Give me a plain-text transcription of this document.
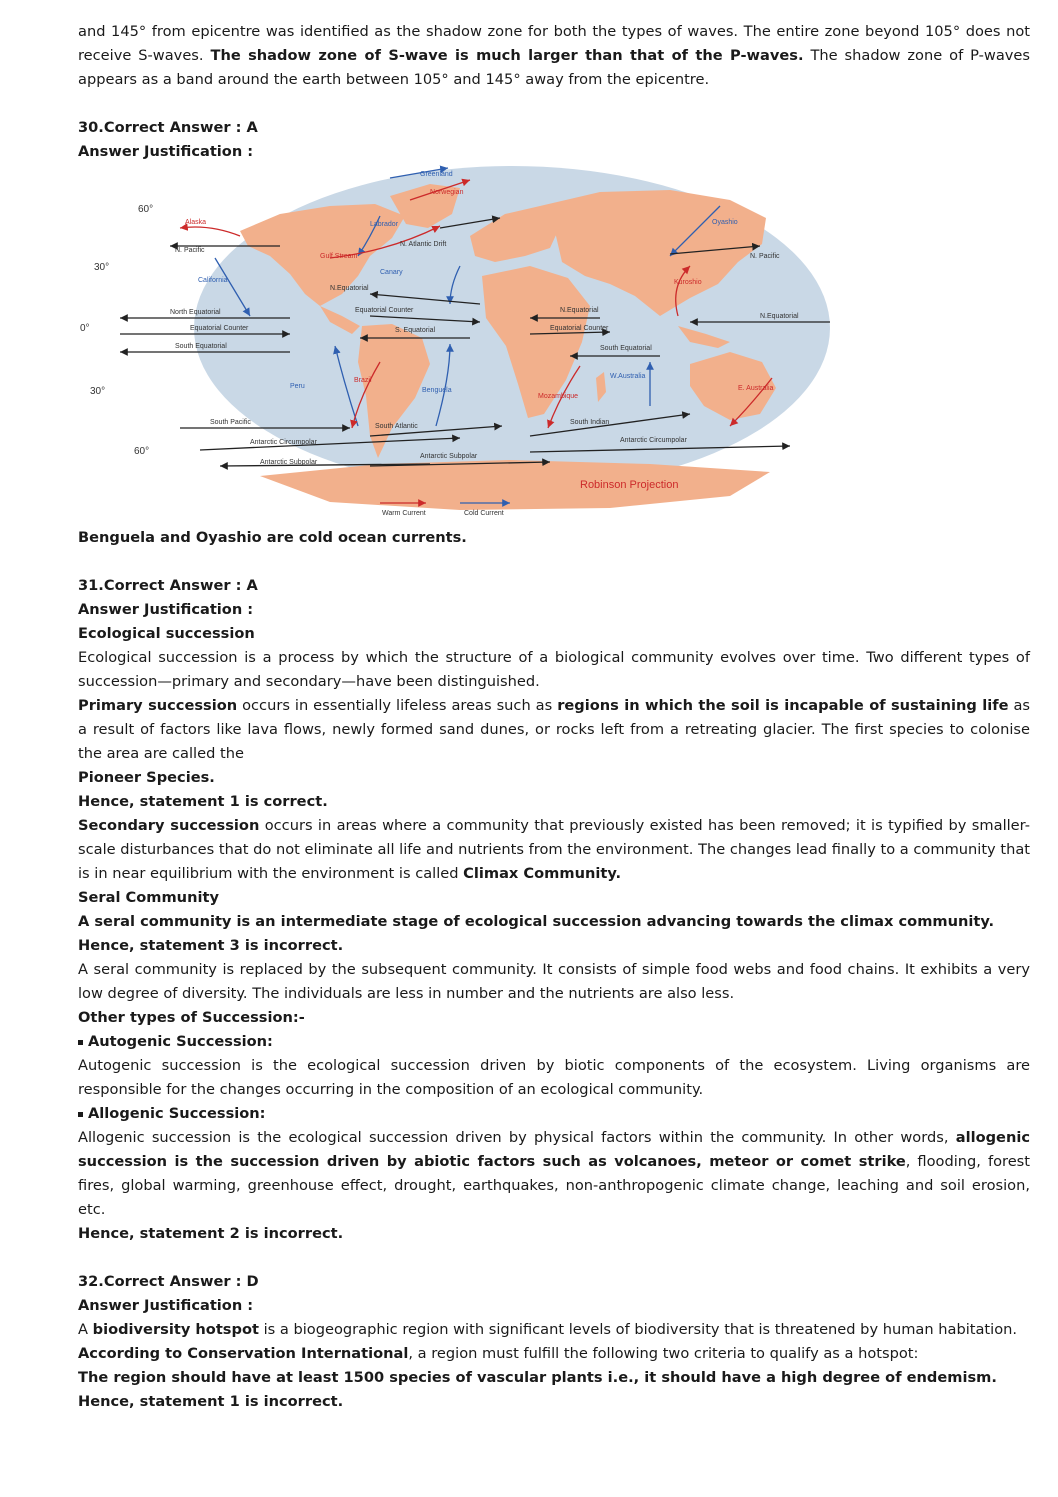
and 145° from epicentre was identified as the shadow zone for both the types of waves. The entire zone beyond 105° does not receive S-waves. The shadow zone of S-wave is much larger than that of the P-waves. The shadow zone of P-waves appears as a band around the earth between 105° and 145° away from the epicentre.

30.Correct Answer : A

Answer Justification :

60°
30°
0°
30°
60°
Alaska
N. Pacific
California
North Equatorial
Equatorial Counter
South Equatorial
Peru
South Pacific
Antarctic Circumpolar
Antarctic Subpolar
Labrador
N. Atlantic Drift
Gulf Stream
Canary
N.Equatorial
Equatorial Counter
S. Equatorial
Brazil
Benguela
South Atlantic
Antarctic Subpolar
Greenland
Norwegian
Oyashio
N. Pacific
Kuroshio
N.Equatorial
N.Equatorial
Equatorial Counter
South Equatorial
W.Australia
Mozambique
E. Australia
South Indian
Antarctic Circumpolar
Robinson Projection
Warm Current	Cold Current

Benguela and Oyashio are cold ocean currents.

31.Correct Answer : A

Answer Justification :

Ecological succession

Ecological succession is a process by which the structure of a biological community evolves over time. Two different types of succession—primary and secondary—have been distinguished.

Primary succession occurs in essentially lifeless areas such as regions in which the soil is incapable of sustaining life as a result of factors like lava flows, newly formed sand dunes, or rocks left from a retreating glacier. The first species to colonise the area are called the

Pioneer Species.

Hence, statement 1 is correct.

Secondary succession occurs in areas where a community that previously existed has been removed; it is typified by smaller-scale disturbances that do not eliminate all life and nutrients from the environment. The changes lead finally to a community that is in near equilibrium with the environment is called Climax Community.

Seral Community

A seral community is an intermediate stage of ecological succession advancing towards the climax community.

Hence, statement 3 is incorrect.

A seral community is replaced by the subsequent community. It consists of simple food webs and food chains. It exhibits a very low degree of diversity. The individuals are less in number and the nutrients are also less.

Other types of Succession:-

Autogenic Succession:

Autogenic succession is the ecological succession driven by biotic components of the ecosystem. Living organisms are responsible for the changes occurring in the composition of an ecological community.

Allogenic Succession:

Allogenic succession is the ecological succession driven by physical factors within the community. In other words, allogenic succession is the succession driven by abiotic factors such as volcanoes, meteor or comet strike, flooding, forest fires, global warming, greenhouse effect, drought, earthquakes, non-anthropogenic climate change, leaching and soil erosion, etc.

Hence, statement 2 is incorrect.

32.Correct Answer : D

Answer Justification :

A biodiversity hotspot is a biogeographic region with significant levels of biodiversity that is threatened by human habitation.

According to Conservation International, a region must fulfill the following two criteria to qualify as a hotspot:

The region should have at least 1500 species of vascular plants i.e., it should have a high degree of endemism.

Hence, statement 1 is incorrect.
